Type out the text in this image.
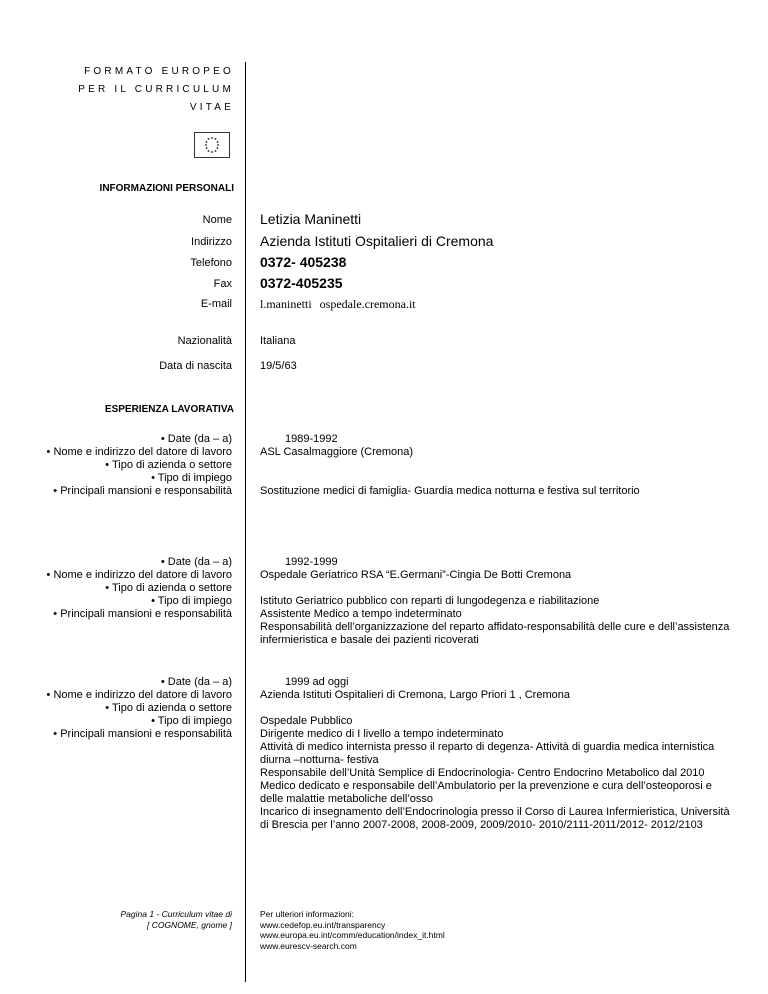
FORMATO EUROPEO
PER IL CURRICULUM
VITAE
INFORMAZIONI PERSONALI
Nome Letizia Maninetti
Indirizzo Azienda Istituti Ospitalieri di Cremona
Telefono 0372- 405238
Fax 0372-405235
E-mail l.maninetti ospedale.cremona.it
Nazionalità	Italiana
Data di nascita	19/5/63
ESPERIENZA LAVORATIVA
• Date (da – a)
• Nome e indirizzo del datore di lavoro
• Tipo di azienda o settore
• Tipo di impiego
• Principali mansioni e responsabilità
1989-1992
ASL Casalmaggiore (Cremona)
Sostituzione medici di famiglia- Guardia medica notturna e festiva sul territorio
• Date (da – a)
• Nome e indirizzo del datore di lavoro
• Tipo di azienda o settore
• Tipo di impiego
• Principali mansioni e responsabilità
1992-1999
Ospedale Geriatrico RSA “E.Germani”-Cingia De Botti Cremona
Istituto Geriatrico pubblico con reparti di lungodegenza e riabilitazione
Assistente Medico a tempo indeterminato
Responsabilità dell’organizzazione del reparto affidato-responsabilità delle cure e dell’assistenza infermieristica e basale dei pazienti ricoverati
• Date (da – a)
• Nome e indirizzo del datore di lavoro
• Tipo di azienda o settore
• Tipo di impiego
• Principali mansioni e responsabilità
1999 ad oggi
Azienda Istituti Ospitalieri di Cremona, Largo Priori 1 , Cremona
Ospedale Pubblico
Dirigente medico di I livello a tempo indeterminato
Attività di medico internista presso il reparto di degenza- Attività di guardia medica internistica diurna –notturna- festiva
Responsabile dell’Unità Semplice di Endocrinologia- Centro Endocrino Metabolico dal 2010
Medico dedicato e responsabile dell’Ambulatorio per la prevenzione e cura dell’osteoporosi e delle malattie metaboliche dell’osso
Incarico di insegnamento dell’Endocrinologia presso il Corso di Laurea Infermieristica, Università di Brescia per l’anno 2007-2008, 2008-2009, 2009/2010- 2010/2111-2011/2012- 2012/2103
Pagina 1 - Curriculum vitae di
[ COGNOME, gnome ]
Per ulteriori informazioni:
www.cedefop.eu.int/transparency
www.europa.eu.int/comm/education/index_it.html
www.eurescv-search.com
